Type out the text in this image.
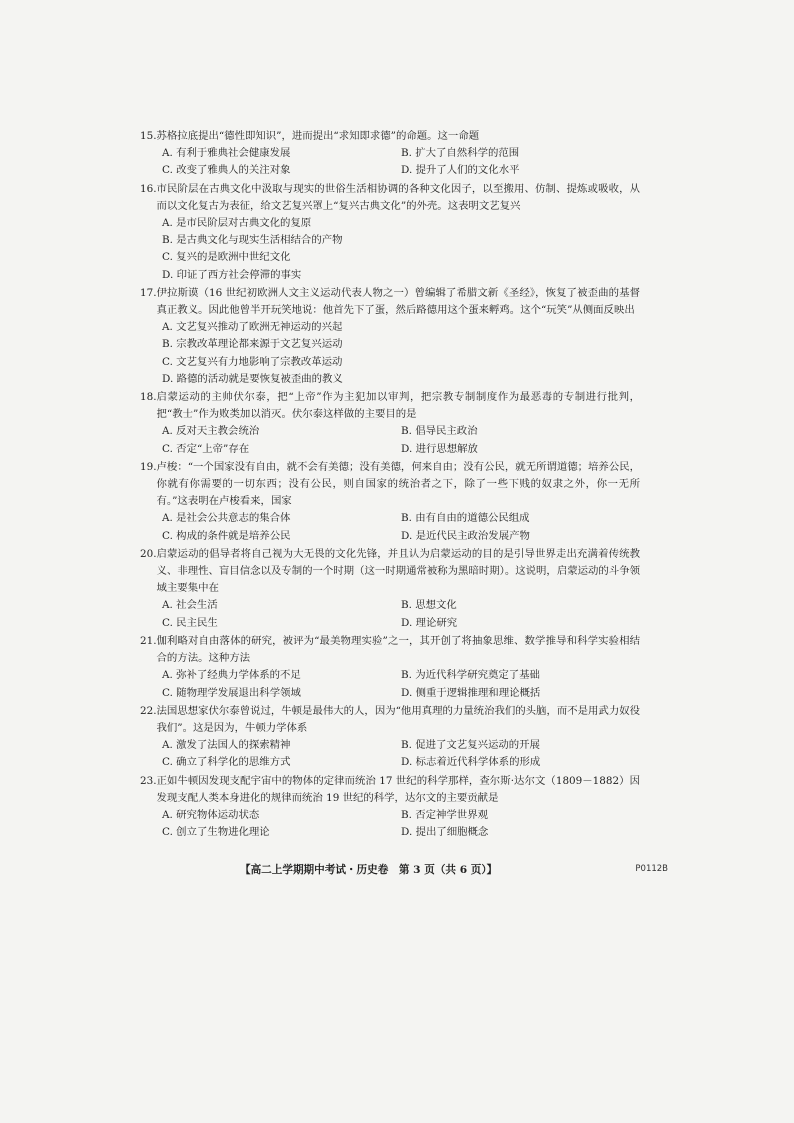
15. 苏格拉底提出“德性即知识”，进而提出“求知即求德”的命题。这一命题
A. 有利于雅典社会健康发展	B. 扩大了自然科学的范围
C. 改变了雅典人的关注对象	D. 提升了人们的文化水平
16. 市民阶层在古典文化中汲取与现实的世俗生活相协调的各种文化因子，以至搬用、仿制、提炼或吸收，从而以文化复古为表征，给文艺复兴罩上“复兴古典文化”的外壳。这表明文艺复兴
A. 是市民阶层对古典文化的复原
B. 是古典文化与现实生活相结合的产物
C. 复兴的是欧洲中世纪文化
D. 印证了西方社会停滞的事实
17. 伊拉斯谟（16 世纪初欧洲人文主义运动代表人物之一）曾编辑了希腊文新《圣经》，恢复了被歪曲的基督真正教义。因此他曾半开玩笑地说：他首先下了蛋，然后路德用这个蛋来孵鸡。这个“玩笑”从侧面反映出
A. 文艺复兴推动了欧洲无神运动的兴起
B. 宗教改革理论都来源于文艺复兴运动
C. 文艺复兴有力地影响了宗教改革运动
D. 路德的活动就是要恢复被歪曲的教义
18. 启蒙运动的主帅伏尔泰，把“上帝”作为主犯加以审判，把宗教专制制度作为最恶毒的专制进行批判，把“教士”作为败类加以消灭。伏尔泰这样做的主要目的是
A. 反对天主教会统治	B. 倡导民主政治
C. 否定“上帝”存在	D. 进行思想解放
19. 卢梭：“一个国家没有自由，就不会有美德；没有美德，何来自由；没有公民，就无所谓道德；培养公民，你就有你需要的一切东西；没有公民，则自国家的统治者之下，除了一些下贱的奴隶之外，你一无所有。”这表明在卢梭看来，国家
A. 是社会公共意志的集合体	B. 由有自由的道德公民组成
C. 构成的条件就是培养公民	D. 是近代民主政治发展产物
20. 启蒙运动的倡导者将自己视为大无畏的文化先锋，并且认为启蒙运动的目的是引导世界走出充满着传统教义、非理性、盲目信念以及专制的一个时期（这一时期通常被称为黑暗时期）。这说明，启蒙运动的斗争领域主要集中在
A. 社会生活	B. 思想文化
C. 民主民生	D. 理论研究
21. 伽利略对自由落体的研究，被评为“最美物理实验”之一，其开创了将抽象思维、数学推导和科学实验相结合的方法。这种方法
A. 弥补了经典力学体系的不足	B. 为近代科学研究奠定了基础
C. 随物理学发展退出科学领域	D. 侧重于逻辑推理和理论概括
22. 法国思想家伏尔泰曾说过，牛顿是最伟大的人，因为“他用真理的力量统治我们的头脑，而不是用武力奴役我们”。这是因为，牛顿力学体系
A. 激发了法国人的探索精神	B. 促进了文艺复兴运动的开展
C. 确立了科学化的思维方式	D. 标志着近代科学体系的形成
23. 正如牛顿因发现支配宇宙中的物体的定律而统治 17 世纪的科学那样，查尔斯·达尔文（1809－1882）因发现支配人类本身进化的规律而统治 19 世纪的科学，达尔文的主要贡献是
A. 研究物体运动状态	B. 否定神学世界观
C. 创立了生物进化理论	D. 提出了细胞概念
【高二上学期期中考试・历史卷　第 3 页（共 6 页）】	P0112B
